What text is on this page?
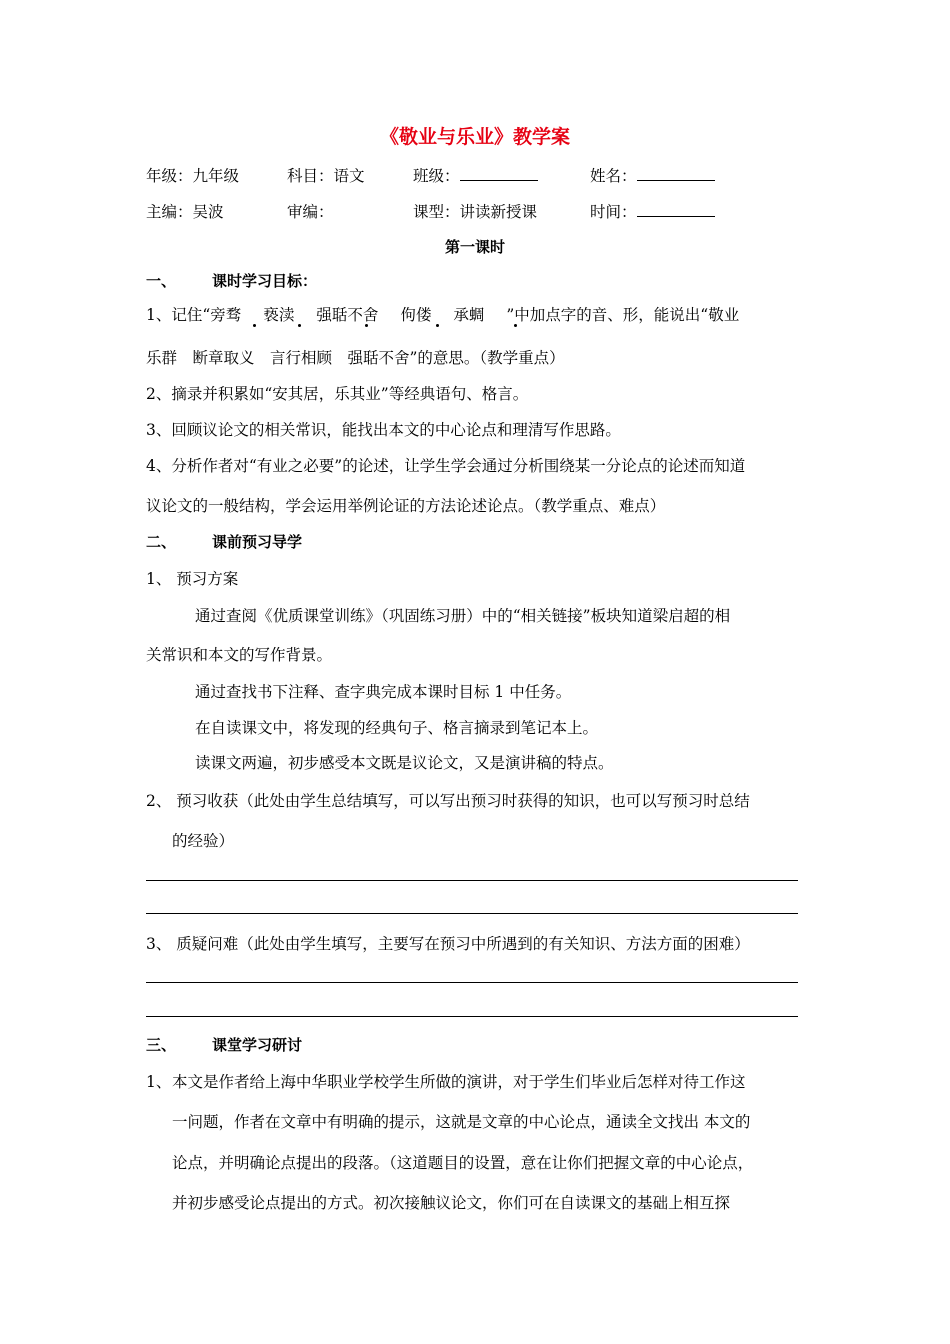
《敬业与乐业》教学案
年级：九年级	科目：语文	班级：	姓名：
主编：吴波	审编：	课型：讲读新授课	时间：
第一课时
一、 课时学习目标：
1、记住“旁骛 亵渎 强聒不舍 佝偻 承蜩 ”中加点字的音、形，能说出“敬业
乐群　断章取义　言行相顾　强聒不舍”的意思。（教学重点）
2、摘录并积累如“安其居，乐其业”等经典语句、格言。
3、回顾议论文的相关常识，能找出本文的中心论点和理清写作思路。
4、分析作者对“有业之必要”的论述，让学生学会通过分析围绕某一分论点的论述而知道
议论文的一般结构，学会运用举例论证的方法论述论点。（教学重点、难点）
二、 课前预习导学
1、 预习方案
通过查阅《优质课堂训练》（巩固练习册）中的“相关链接”板块知道梁启超的相
关常识和本文的写作背景。
通过查找书下注释、查字典完成本课时目标 1 中任务。
在自读课文中，将发现的经典句子、格言摘录到笔记本上。
读课文两遍，初步感受本文既是议论文，又是演讲稿的特点。
2、 预习收获（此处由学生总结填写，可以写出预习时获得的知识，也可以写预习时总结
的经验）
3、 质疑问难（此处由学生填写，主要写在预习中所遇到的有关知识、方法方面的困难）
三、 课堂学习研讨
1、 本文是作者给上海中华职业学校学生所做的演讲，对于学生们毕业后怎样对待工作这
一问题，作者在文章中有明确的提示，这就是文章的中心论点，通读全文找出 本文的
论点，并明确论点提出的段落。（这道题目的设置，意在让你们把握文章的中心论点，
并初步感受论点提出的方式。初次接触议论文，你们可在自读课文的基础上相互探
